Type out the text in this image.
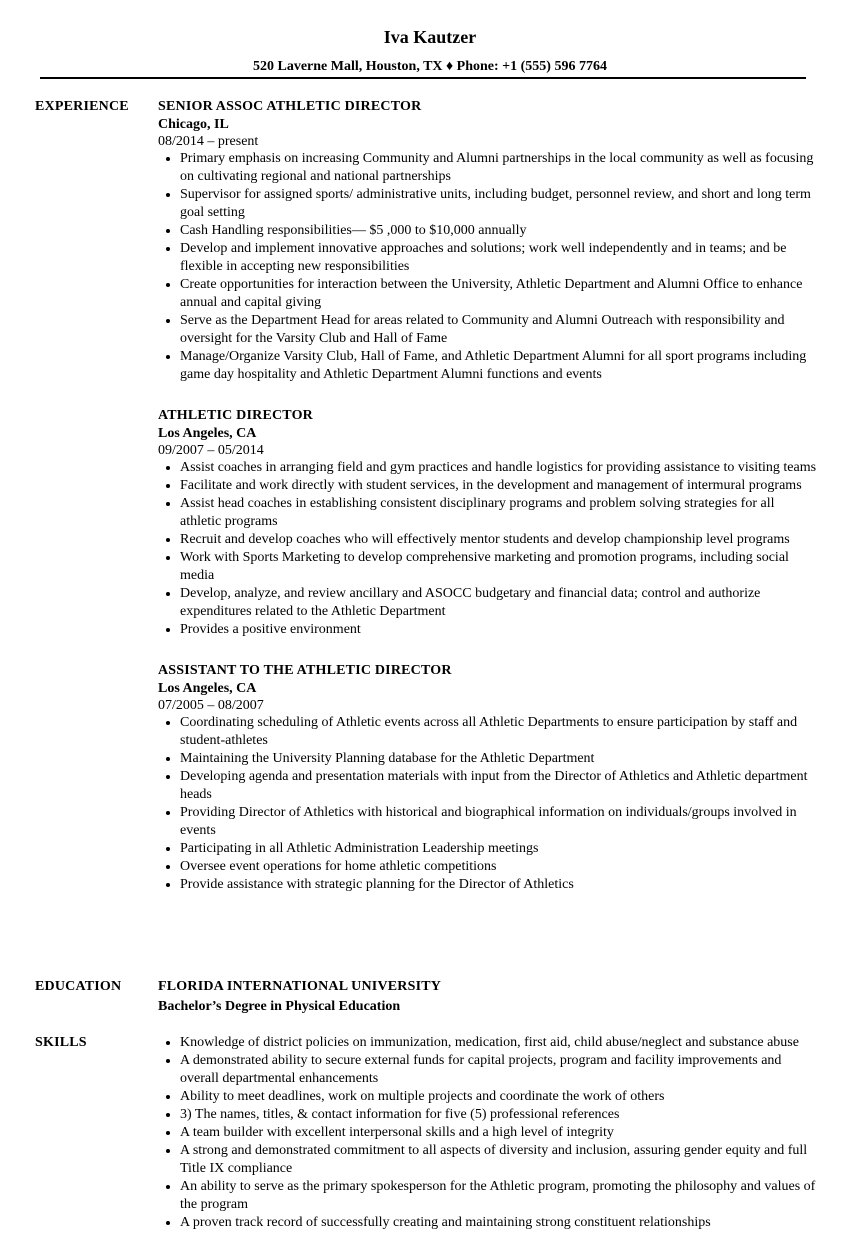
Iva Kautzer
520 Laverne Mall, Houston, TX ♦ Phone: +1 (555) 596 7764
EXPERIENCE SENIOR ASSOC ATHLETIC DIRECTOR
Chicago, IL
08/2014 – present
• Primary emphasis on increasing Community and Alumni partnerships in the local community as well as focusing on cultivating regional and national partnerships
• Supervisor for assigned sports/ administrative units, including budget, personnel review, and short and long term goal setting
• Cash Handling responsibilities— $5 ,000 to $10,000 annually
• Develop and implement innovative approaches and solutions; work well independently and in teams; and be flexible in accepting new responsibilities
• Create opportunities for interaction between the University, Athletic Department and Alumni Office to enhance annual and capital giving
• Serve as the Department Head for areas related to Community and Alumni Outreach with responsibility and oversight for the Varsity Club and Hall of Fame
• Manage/Organize Varsity Club, Hall of Fame, and Athletic Department Alumni for all sport programs including game day hospitality and Athletic Department Alumni functions and events
ATHLETIC DIRECTOR
Los Angeles, CA
09/2007 – 05/2014
• Assist coaches in arranging field and gym practices and handle logistics for providing assistance to visiting teams
• Facilitate and work directly with student services, in the development and management of intermural programs
• Assist head coaches in establishing consistent disciplinary programs and problem solving strategies for all athletic programs
• Recruit and develop coaches who will effectively mentor students and develop championship level programs
• Work with Sports Marketing to develop comprehensive marketing and promotion programs, including social media
• Develop, analyze, and review ancillary and ASOCC budgetary and financial data; control and authorize expenditures related to the Athletic Department
• Provides a positive environment
ASSISTANT TO THE ATHLETIC DIRECTOR
Los Angeles, CA
07/2005 – 08/2007
• Coordinating scheduling of Athletic events across all Athletic Departments to ensure participation by staff and student-athletes
• Maintaining the University Planning database for the Athletic Department
• Developing agenda and presentation materials with input from the Director of Athletics and Athletic department heads
• Providing Director of Athletics with historical and biographical information on individuals/groups involved in events
• Participating in all Athletic Administration Leadership meetings
• Oversee event operations for home athletic competitions
• Provide assistance with strategic planning for the Director of Athletics
EDUCATION	FLORIDA INTERNATIONAL UNIVERSITY
Bachelor’s Degree in Physical Education
SKILLS
•	Knowledge of district policies on immunization, medication, first aid, child abuse/neglect and substance abuse
• A demonstrated ability to secure external funds for capital projects, program and facility improvements and overall departmental enhancements
• Ability to meet deadlines, work on multiple projects and coordinate the work of others
• 3) The names, titles, & contact information for five (5) professional references
• A team builder with excellent interpersonal skills and a high level of integrity
• A strong and demonstrated commitment to all aspects of diversity and inclusion, assuring gender equity and full Title IX compliance
• An ability to serve as the primary spokesperson for the Athletic program, promoting the philosophy and values of the program
• A proven track record of successfully creating and maintaining strong constituent relationships
